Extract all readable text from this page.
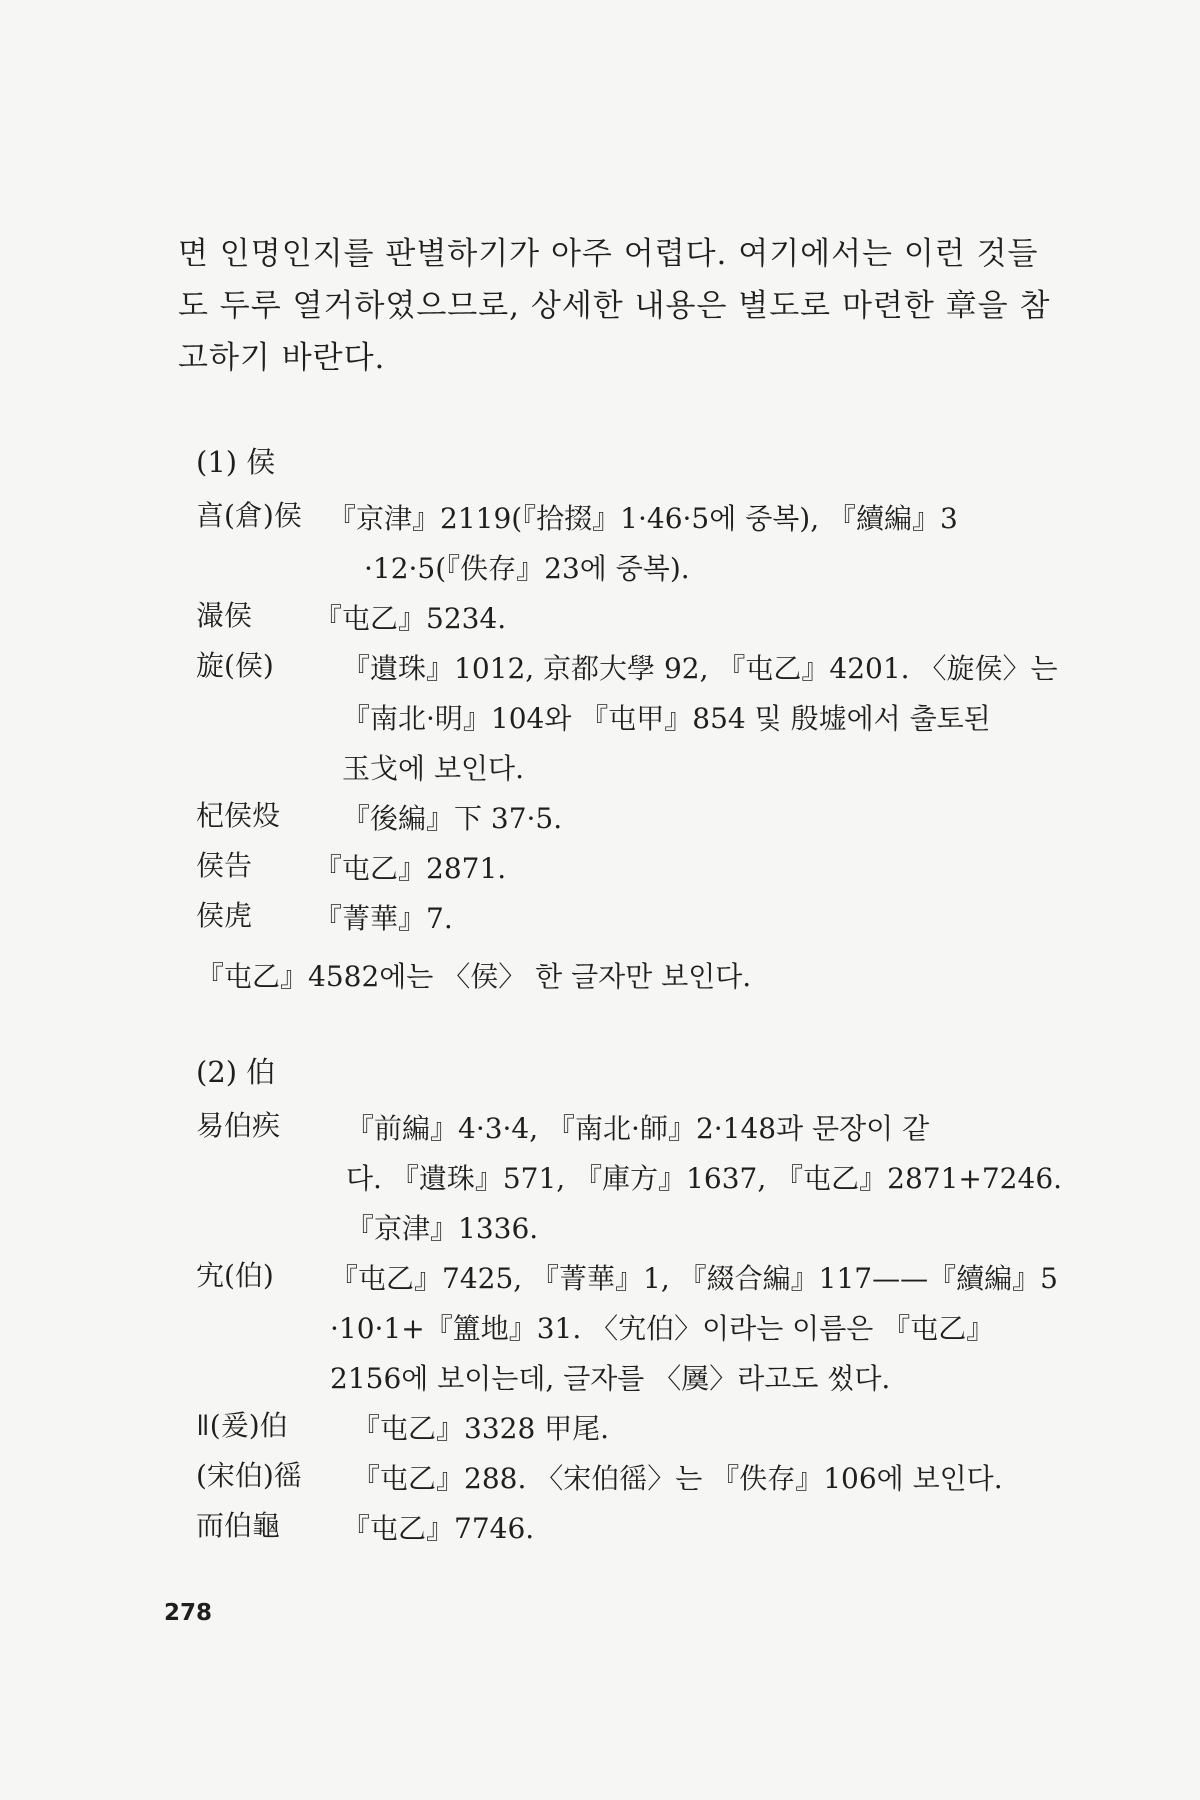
면 인명인지를 판별하기가 아주 어렵다. 여기에서는 이런 것들
도 두루 열거하였으므로, 상세한 내용은 별도로 마련한 章을 참
고하기 바란다.

(1) 侯
亯(倉)侯 『京津』2119(『拾掇』1·46·5에 중복), 『續編』3
·12·5(『佚存』23에 중복).
㵊侯 『屯乙』5234.
旋(侯) 『遺珠』1012, 京都大學 92, 『屯乙』4201. 〈旋侯〉는
『南北·明』104와 『屯甲』854 및 殷墟에서 출토된
玉戈에 보인다.
杞侯炈 『後編』下 37·5.
侯告 『屯乙』2871.
侯虎 『菁華』7.
『屯乙』4582에는 〈侯〉 한 글자만 보인다.
(2) 伯
易伯疾 『前編』4·3·4, 『南北·師』2·148과 문장이 같
다. 『遺珠』571, 『庫方』1637, 『屯乙』2871+7246.
『京津』1336.
宄(伯) 『屯乙』7425, 『菁華』1, 『綴合編』117——『續編』5
·10·1+『簠地』31. 〈宄伯〉이라는 이름은 『屯乙』
2156에 보이는데, 글자를 〈㞟〉라고도 썼다.
ǁ(爰)伯 『屯乙』3328 甲尾.
(宋伯)徭 『屯乙』288. 〈宋伯徭〉는 『佚存』106에 보인다.
而伯龜 『屯乙』7746.
278
